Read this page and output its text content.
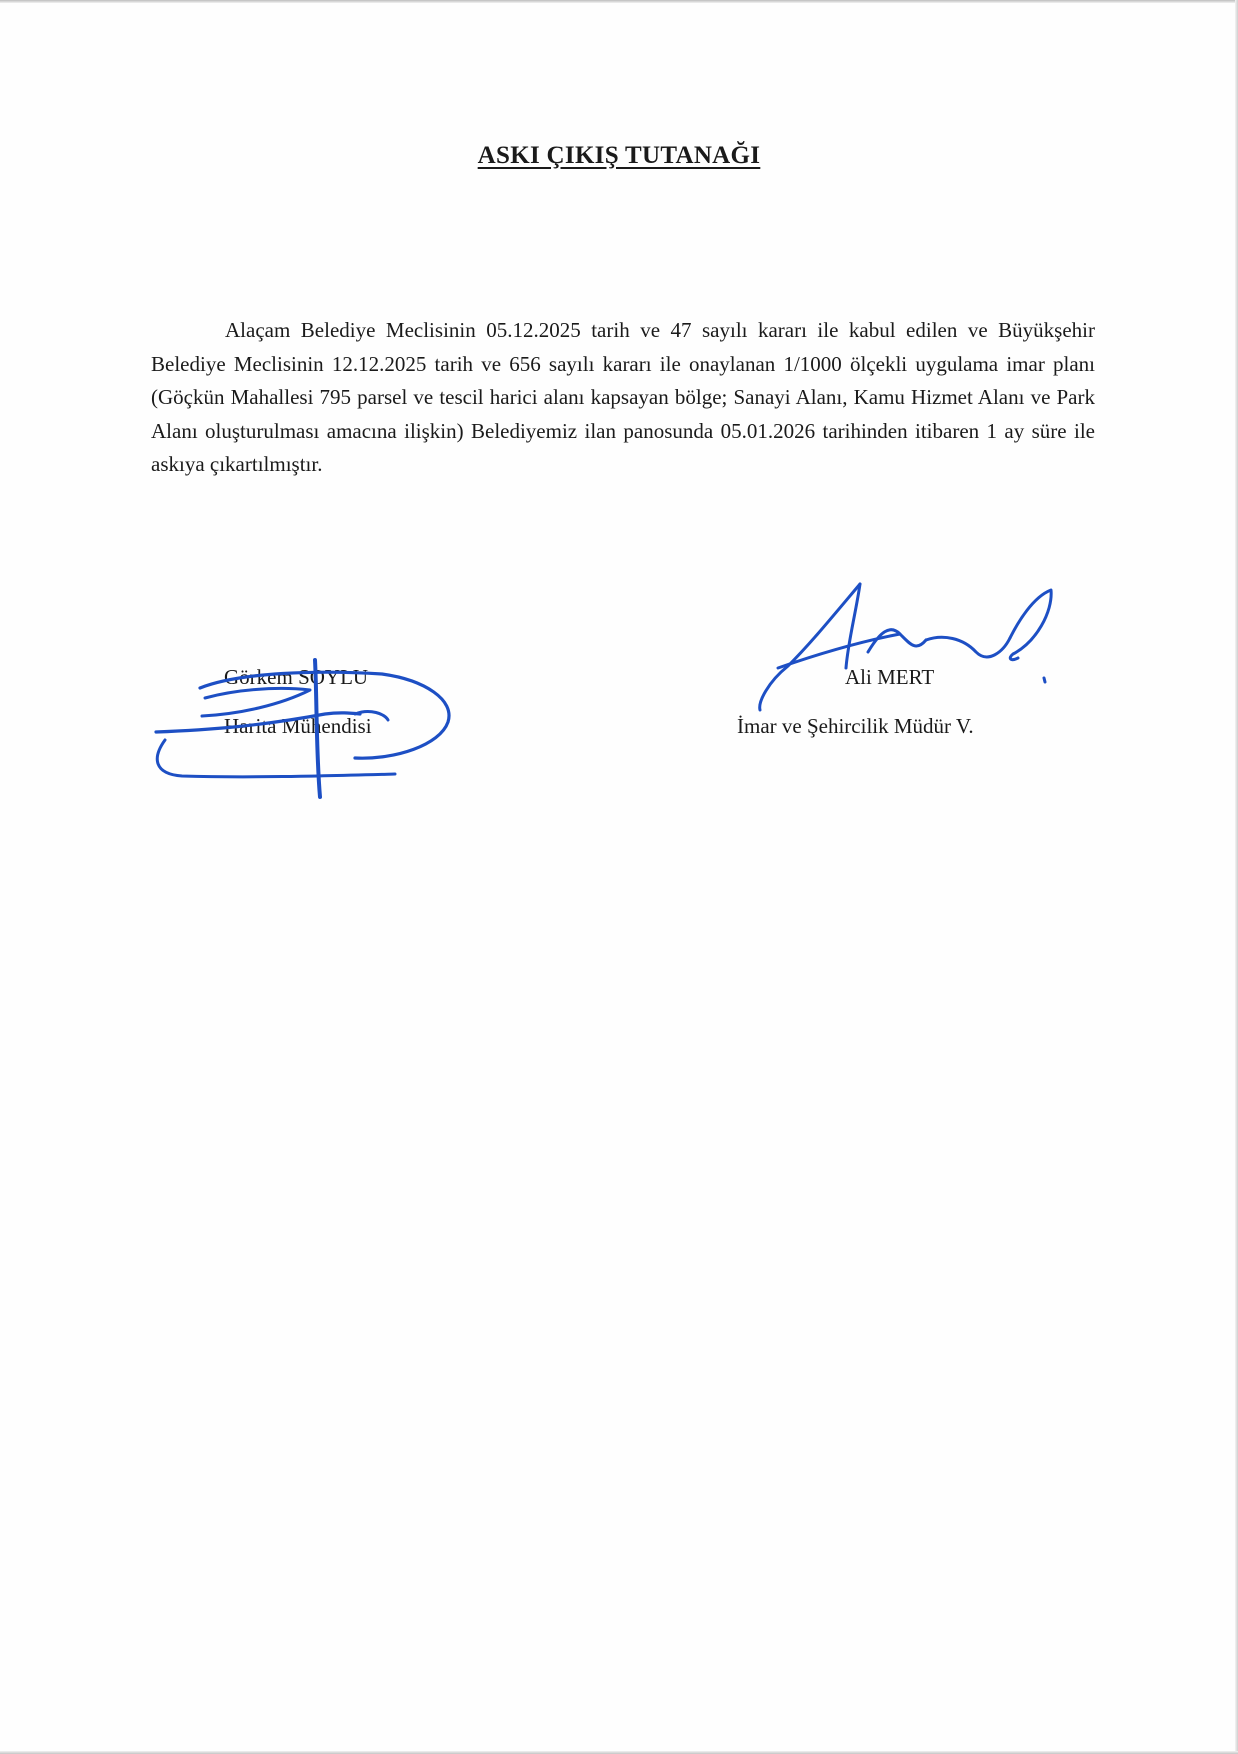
ASKI ÇIKIŞ TUTANAĞI

Alaçam Belediye Meclisinin 05.12.2025 tarih ve 47 sayılı kararı ile kabul edilen ve Büyükşehir Belediye Meclisinin 12.12.2025 tarih ve 656 sayılı kararı ile onaylanan 1/1000 ölçekli uygulama imar planı (Göçkün Mahallesi 795 parsel ve tescil harici alanı kapsayan bölge; Sanayi Alanı, Kamu Hizmet Alanı ve Park Alanı oluşturulması amacına ilişkin) Belediyemiz ilan panosunda 05.01.2026 tarihinden itibaren 1 ay süre ile askıya çıkartılmıştır.

Görkem SOYLU
Harita Mühendisi
Ali MERT
İmar ve Şehircilik Müdür V.
